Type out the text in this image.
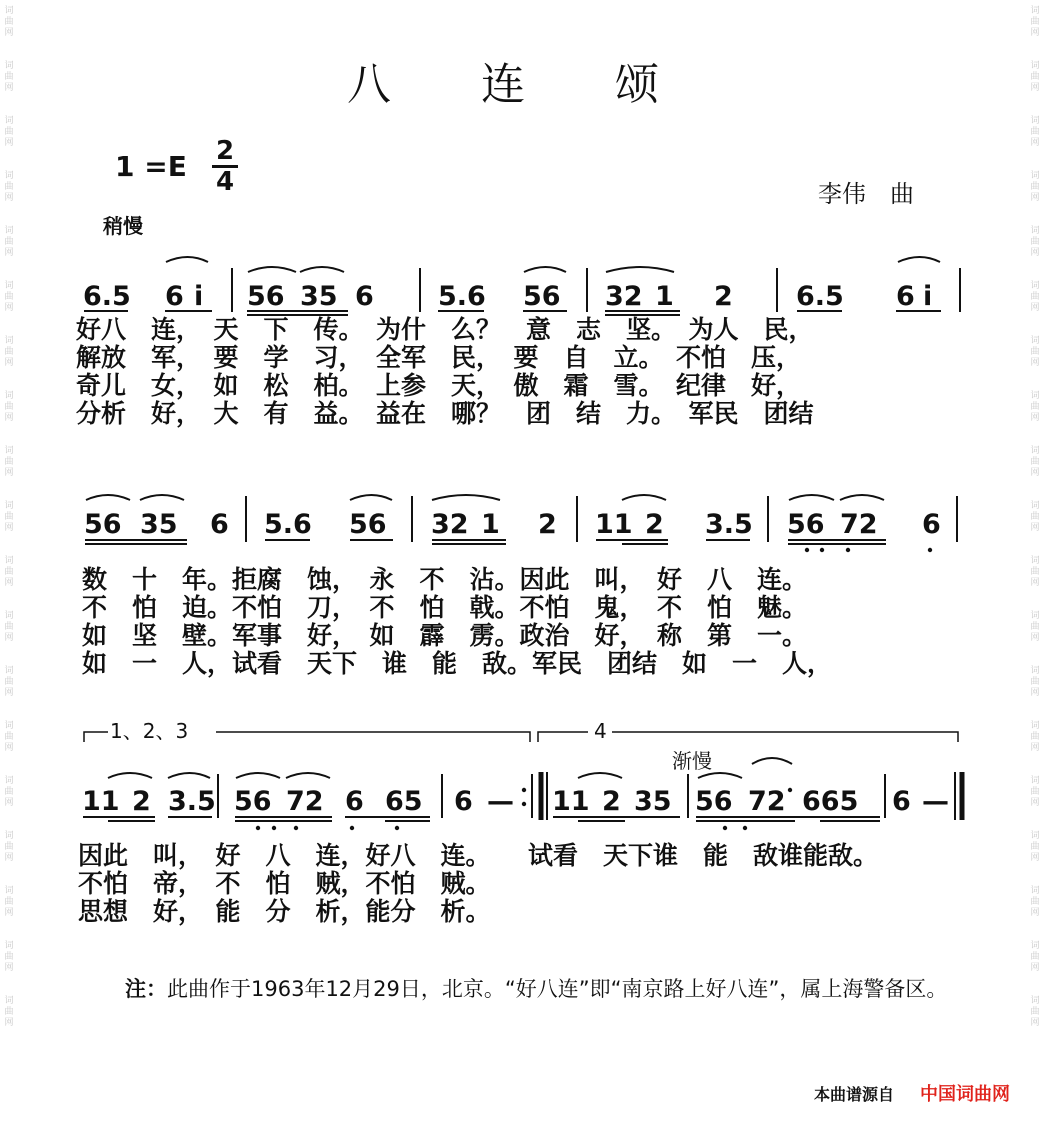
词
曲
网
词
曲
网
词
曲
网
词
曲
网
词
曲
网
词
曲
网
词
曲
网
词
曲
网
词
曲
网
词
曲
网
词
曲
网
词
曲
网
词
曲
网
词
曲
网
词
曲
网
词
曲
网
词
曲
网
词
曲
网
词
曲
网
词
曲
网
词
曲
网
词
曲
网
词
曲
网
词
曲
网
词
曲
网
词
曲
网
词
曲
网
词
曲
网
词
曲
网
词
曲
网
词
曲
网
词
曲
网
词
曲
网
词
曲
网
词
曲
网
词
曲
网
词
曲
网
词
曲
网
八 连 颂
1 =E 2
4	李伟　曲
稍慢
6.5 6 i 56 35 6 5.6 56 32 1 2 6.5 6 i
好八　连，　天　下　传。　为什　么？　意　志　坚。　为人　民，
解放　军，　要　学　习，　全军　民，　要　自　立。　不怕　压，
奇儿　女，　如　松　柏。　上参　天，　傲　霜　雪。　纪律　好，
分析　好，　大　有　益。　益在　哪？　团　结　力。　军民　团结
56 35 6 5.6 56 32 1 2 11 2 3.5 56 72 6
数　十　年。拒腐　蚀，　永　不　沾。因此　叫，　好　八　连。
不　怕　迫。不怕　刀，　不　怕　戟。不怕　鬼，　不　怕　魅。
如　坚　壁。军事　好，　如　霹　雳。政治　好，　称　第　一。
如　一　人，试看　天下　谁　能　敌。军民　团结　如　一　人，
1、2、3	4
渐慢
11 2 3.5 56 72 6 65 6 — 11 2 35 56 72 665 6 —
因此　叫，　好　八　连，好八　连。　　试看　天下谁　能　敌谁能敌。
不怕　帝，　不　怕　贼，不怕　贼。
思想　好，　能　分　析，能分　析。
注：此曲作于1963年12月29日，北京。“好八连”即“南京路上好八连”，属上海警备区。
本曲谱源自 中国词曲网
